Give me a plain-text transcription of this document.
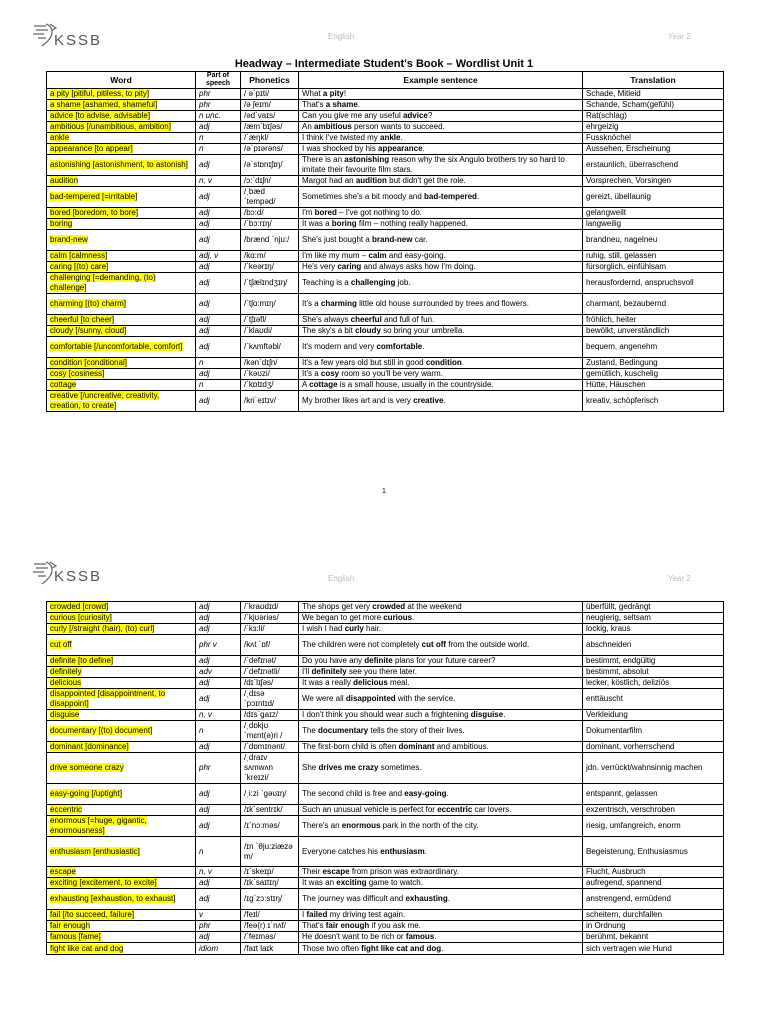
KSSB	English	Year 2
Headway – Intermediate Student's Book – Wordlist Unit 1
Word	Part of speech	Phonetics	Example sentence	Translation
a pity [pitiful, pitiless, to pity]	phr	/ ə`pɪti/	What a pity!	Schade, Mitleid
a shame [ashamed, shameful]	phr	/ə ʃeɪm/	That's a shame.	Schande, Scham(gefühl)
advice [to advise, advisable]	n unc.	/əd`vaɪs/	Can you give me any useful advice?	Rat(schlag)
ambitious [/unambitious, ambition]	adj	/æm`bɪʃəs/	An ambitious person wants to succeed.	ehrgeizig
ankle	n	/`æŋkl/	I think I've twisted my ankle.	Fussknöchel
appearance [to appear]	n	/ə`pɪərəns/	I was shocked by his appearance.	Aussehen, Erscheinung
astonishing [astonishment, to astonish]	adj	/ə`stɒnɪʃɪŋ/	There is an astonishing reason why the six Angulo brothers try so hard to imitate their favourite film stars.	erstaunlich, überraschend
audition	n, v	/ɔ:`dɪʃn/	Margot had an audition but didn't get the role.	Vorsprechen, Vorsingen
bad-tempered [=irritable]	adj	/ˌbæd `tempəd/	Sometimes she's a bit moody and bad-tempered.	gereizt, übellaunig
bored [boredom, to bore]	adj	/bɔ:d/	I'm bored – I've got nothing to do.	gelangweilt
boring	adj	/`bɔ:rɪŋ/	It was a boring film – nothing really happened.	langweilig
brand-new	adj	/brænd `nju:/	She's just bought a brand-new car.	brandneu, nagelneu
calm [calmness]	adj, v	/kɑ:m/	I'm like my mum – calm and easy-going.	ruhig, still, gelassen
caring [(to) care]	adj	/`keərɪŋ/	He's very caring and always asks how I'm doing.	fürsorglich, einfühlsam
challenging [=demanding, (to) challenge]	adj	/`tʃælɪndʒɪŋ/	Teaching is a challenging job.	herausfordernd, anspruchsvoll
charming [(to) charm]	adj	/`tʃɑ:mɪŋ/	It's a charming little old house surrounded by trees and flowers.	charmant, bezaubernd
cheerful [to cheer]	adj	/`tʃɪəfl/	She's always cheerful and full of fun.	fröhlich, heiter
cloudy [/sunny, cloud]	adj	/`klaʊdi/	The sky's a bit cloudy so bring your umbrella.	bewölkt, unverständlich
comfortable [/uncomfortable, comfort]	adj	/`kʌmftəbl/	It's modern and very comfortable.	bequem, angenehm
condition [conditional]	n	/kən`dɪʃn/	It's a few years old but still in good condition.	Zustand, Bedingung
cosy [cosiness]	adj	/`kəʊzi/	It's a cosy room so you'll be very warm.	gemütlich, kuschelig
cottage	n	/`kɒtɪdʒ/	A cottage is a small house, usually in the countryside.	Hütte, Häuschen
creative [/uncreative, creativity, creation, to create]	adj	/kri`eɪtɪv/	My brother likes art and is very creative.	kreativ, schöpferisch
1
KSSB	English	Year 2
crowded [crowd]	adj	/`kraʊdɪd/	The shops get very crowded at the weekend	überfüllt, gedrängt
curious [curiosity]	adj	/`kjʊəriəs/	We began to get more curious.	neugierig, seltsam
curly [/straight (hair), (to) curl]	adj	/`kɜ:li/	I wish I had curly hair.	lockig, kraus
cut off	phr v	/kʌt `ɒf/	The children were not completely cut off from the outside world.	abschneiden
definite [to define]	adj	/`defɪnət/	Do you have any definite plans for your future career?	bestimmt, endgültig
definitely	adv	/`defɪnətli/	I'll definitely see you there later.	bestimmt, absolut
delicious	adj	/dɪ`lɪʃəs/	It was a really delicious meal.	lecker, köstlich, deliziös
disappointed [disappointment, to disappoint]	adj	/ˌdɪsə `pɔɪntɪd/	We were all disappointed with the service.	enttäuscht
disguise	n, v	/dɪs`gaɪz/	I don't think you should wear such a frightening disguise.	Verkleidung
documentary [(to) document]	n	/ˌdɒkjʊ `mɛnt(ə)ri /	The documentary tells the story of their lives.	Dokumentarfilm
dominant [dominance]	adj	/`dɒmɪnənt/	The first-born child is often dominant and ambitious.	dominant, vorherrschend
drive someone crazy	phr	/ˌdraɪv sʌmwʌn `kreɪzi/	She drives me crazy sometimes.	jdn. verrückt/wahnsinnig machen
easy-going [/uptight]	adj	/ˌi:zi `gəʊɪŋ/	The second child is free and easy-going.	entspannt, gelassen
eccentric	adj	/ɪk`sentrɪk/	Such an unusual vehicle is perfect for eccentric car lovers.	exzentrisch, verschroben
enormous [=huge, gigantic, enormousness]	adj	/ɪ`nɔ:məs/	There's an enormous park in the north of the city.	riesig, umfangreich, enorm
enthusiasm [enthusiastic]	n	/ɪn `θju:ziæzə m/	Everyone catches his enthusiasm.	Begeisterung, Enthusiasmus
escape	n, v	/ɪ`skeɪp/	Their escape from prison was extraordinary.	Flucht, Ausbruch
exciting [excitement, to excite]	adj	/ɪk`saɪtɪŋ/	It was an exciting game to watch.	aufregend, spannend
exhausting [exhaustion, to exhaust]	adj	/ɪg`zɔ:stɪŋ/	The journey was difficult and exhausting.	anstrengend, ermüdend
fail [/to succeed, failure]	v	/feɪl/	I failed my driving test again.	scheitern, durchfallen
fair enough	phr	/feə(r) ɪ`nʌf/	That's fair enough if you ask me.	in Ordnung
famous [fame]	adj	/`feɪməs/	He doesn't want to be rich or famous.	berühmt, bekannt
fight like cat and dog	idiom	/faɪt laɪk	Those two often fight like cat and dog.	sich vertragen wie Hund
